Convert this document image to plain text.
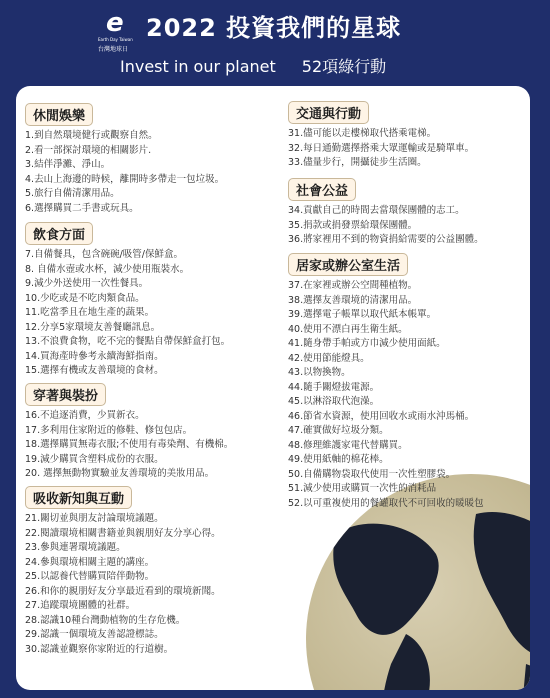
e
Earth Day Taiwan
台灣地球日
2022 投資我們的星球
Invest in our planet 52項綠行動
休閒娛樂
1.到自然環境健行或觀察自然。
2.看一部探討環境的相關影片.
3.結伴淨灘、淨山。
4.去山上海邊的時候，離開時多帶走一包垃圾。
5.旅行自備清潔用品。
6.選擇購買二手書或玩具。
飲食方面
7.自備餐具，包含碗碗/吸管/保鮮盒。
8. 自備水壺或水杯，減少使用瓶裝水。
9.減少外送使用一次性餐具。
10.少吃或是不吃肉類食品。
11.吃當季且在地生產的蔬果。
12.分享5家環境友善餐廳訊息。
13.不浪費食物，吃不完的餐點自帶保鮮盒打包。
14.買海產時參考永續海鮮指南。
15.選擇有機或友善環境的食材。
穿著與裝扮
16.不追逐消費，少買新衣。
17.多利用住家附近的修鞋、修包包店。
18.選擇購買無毒衣服;不使用有毒染劑、有機棉。
19.減少購買含塑料成份的衣服。
20. 選擇無動物實驗並友善環境的美妝用品。
吸收新知與互動
21.關切並與朋友討論環境議題。
22.閱讀環境相關書籍並與親朋好友分享心得。
23.參與連署環境議題。
24.參與環境相關主題的講座。
25.以認養代替購買陪伴動物。
26.和你的親朋好友分享最近看到的環境新聞。
27.追蹤環境團體的社群。
28.認識10種台灣動植物的生存危機。
29.認識一個環境友善認證標誌。
30.認識並觀察你家附近的行道樹。
交通與行動
31.儘可能以走樓梯取代搭乘電梯。
32.每日通勤選擇搭乘大眾運輸或是騎單車。
33.儘量步行，開攝徒步生活圈。
社會公益
34.貢獻自己的時間去當環保團體的志工。
35.捐款或捐發票給環保團體。
36.將家裡用不到的物資捐給需要的公益團體。
居家或辦公室生活
37.在家裡或辦公空間種植物。
38.選擇友善環境的清潔用品。
39.選擇電子帳單以取代紙本帳單。
40.使用不漂白再生衛生紙。
41.隨身帶手帕或方巾減少使用面紙。
42.使用節能燈具。
43.以物換物。
44.隨手關燈拔電源。
45.以淋浴取代泡澡。
46.節省水資源，使用回收水或雨水沖馬桶。
47.確實做好垃圾分類。
48.修理維護家電代替購買。
49.使用紙軸的棉花棒。
50.自備購物袋取代使用一次性塑膠袋。
51.減少使用或購買一次性的消耗品
52.以可重複使用的餐罐取代不可回收的暖暖包
